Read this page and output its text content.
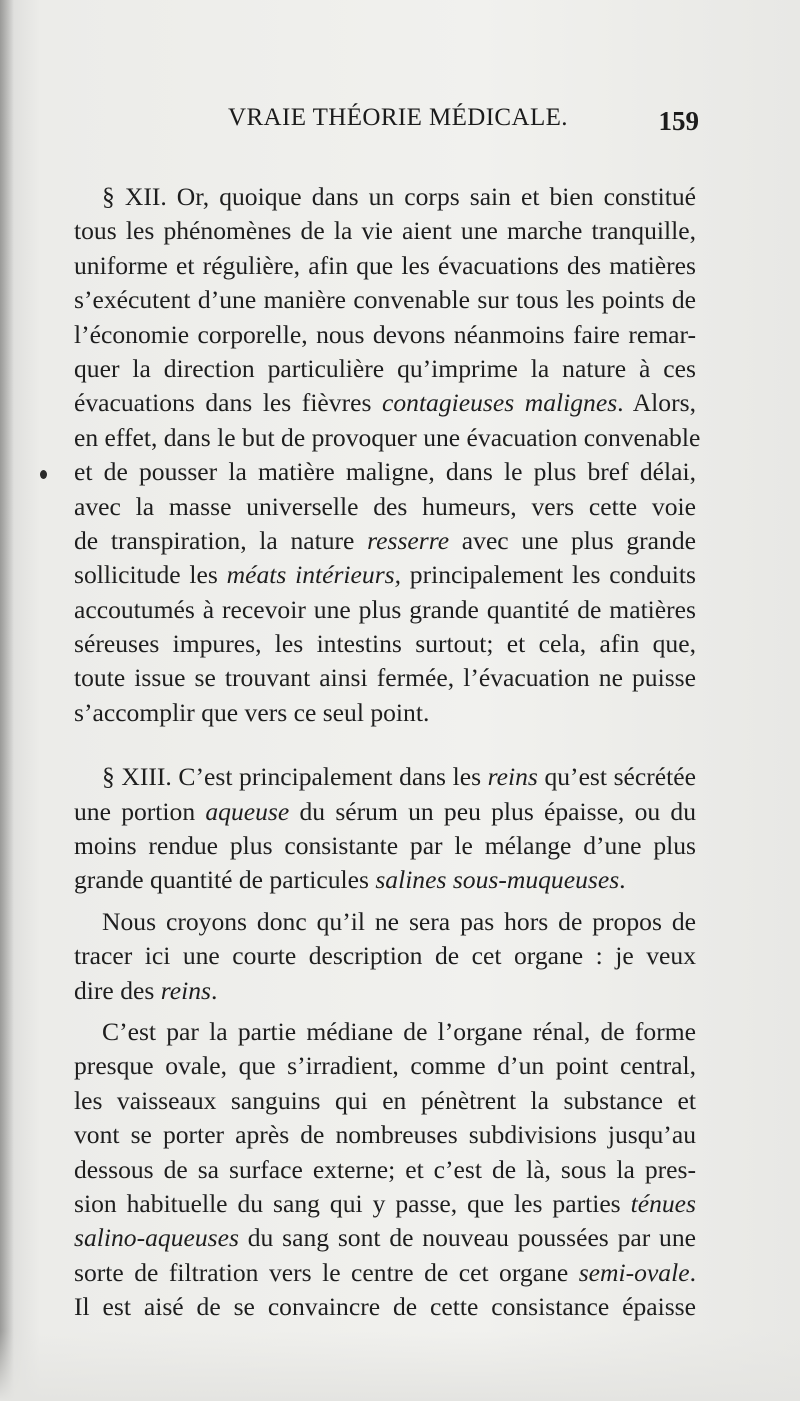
VRAIE THÉORIE MÉDICALE.	159
§ XII. Or, quoique dans un corps sain et bien constitué
tous les phénomènes de la vie aient une marche tranquille,
uniforme et régulière, afin que les évacuations des matières
s’exécutent d’une manière convenable sur tous les points de
l’économie corporelle, nous devons néanmoins faire remar-
quer la direction particulière qu’imprime la nature à ces
évacuations dans les fièvres contagieuses malignes. Alors,
en effet, dans le but de provoquer une évacuation convenable
et de pousser la matière maligne, dans le plus bref délai,
avec la masse universelle des humeurs, vers cette voie
de transpiration, la nature resserre avec une plus grande
sollicitude les méats intérieurs, principalement les conduits
accoutumés à recevoir une plus grande quantité de matières
séreuses impures, les intestins surtout; et cela, afin que,
toute issue se trouvant ainsi fermée, l’évacuation ne puisse
s’accomplir que vers ce seul point.
§ XIII. C’est principalement dans les reins qu’est sécrétée
une portion aqueuse du sérum un peu plus épaisse, ou du
moins rendue plus consistante par le mélange d’une plus
grande quantité de particules salines sous-muqueuses.
Nous croyons donc qu’il ne sera pas hors de propos de
tracer ici une courte description de cet organe : je veux
dire des reins.
C’est par la partie médiane de l’organe rénal, de forme
presque ovale, que s’irradient, comme d’un point central,
les vaisseaux sanguins qui en pénètrent la substance et
vont se porter après de nombreuses subdivisions jusqu’au
dessous de sa surface externe; et c’est de là, sous la pres-
sion habituelle du sang qui y passe, que les parties ténues
salino-aqueuses du sang sont de nouveau poussées par une
sorte de filtration vers le centre de cet organe semi-ovale.
Il est aisé de se convaincre de cette consistance épaisse
